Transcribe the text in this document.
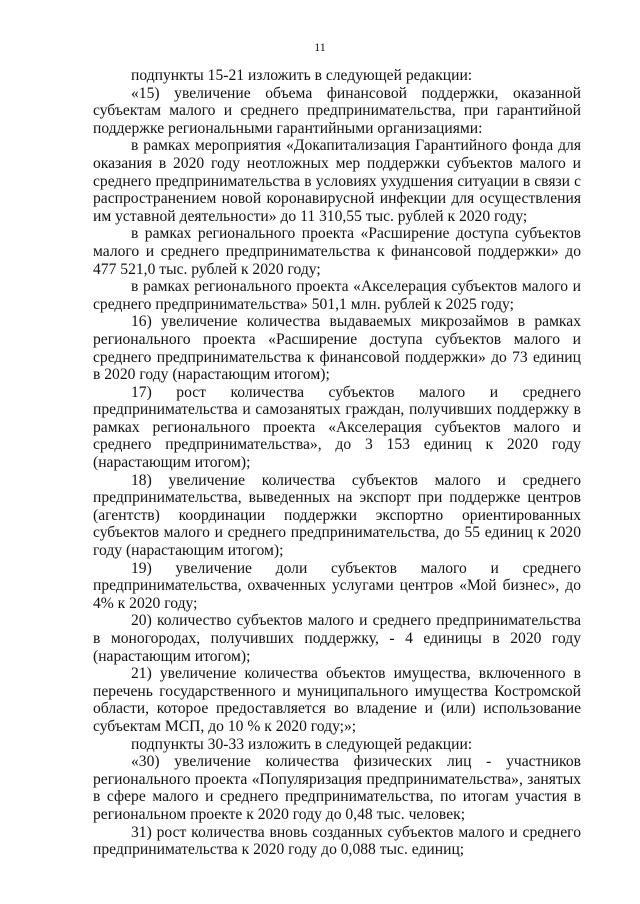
11

подпункты 15-21 изложить в следующей редакции:

«15) увеличение объема финансовой поддержки, оказанной субъектам малого и среднего предпринимательства, при гарантийной поддержке региональными гарантийными организациями:

в рамках мероприятия «Докапитализация Гарантийного фонда для оказания в 2020 году неотложных мер поддержки субъектов малого и среднего предпринимательства в условиях ухудшения ситуации в связи с распространением новой коронавирусной инфекции для осуществления им уставной деятельности» до 11 310,55 тыс. рублей к 2020 году;

в рамках регионального проекта «Расширение доступа субъектов малого и среднего предпринимательства к финансовой поддержки» до 477 521,0 тыс. рублей к 2020 году;

в рамках регионального проекта «Акселерация субъектов малого и среднего предпринимательства» 501,1 млн. рублей к 2025 году;

16) увеличение количества выдаваемых микрозаймов в рамках регионального проекта «Расширение доступа субъектов малого и среднего предпринимательства к финансовой поддержки» до 73 единиц в 2020 году (нарастающим итогом);

17) рост количества субъектов малого и среднего предпринимательства и самозанятых граждан, получивших поддержку в рамках регионального проекта «Акселерация субъектов малого и среднего предпринимательства», до 3 153 единиц к 2020 году (нарастающим итогом);

18) увеличение количества субъектов малого и среднего предпринимательства, выведенных на экспорт при поддержке центров (агентств) координации поддержки экспортно ориентированных субъектов малого и среднего предпринимательства, до 55 единиц к 2020 году (нарастающим итогом);

19) увеличение доли субъектов малого и среднего предпринимательства, охваченных услугами центров «Мой бизнес», до 4% к 2020 году;

20) количество субъектов малого и среднего предпринимательства в моногородах, получивших поддержку, - 4 единицы в 2020 году (нарастающим итогом);

21) увеличение количества объектов имущества, включенного в перечень государственного и муниципального имущества Костромской области, которое предоставляется во владение и (или) использование субъектам МСП, до 10 % к 2020 году;»;

подпункты 30-33 изложить в следующей редакции:

«30) увеличение количества физических лиц - участников регионального проекта «Популяризация предпринимательства», занятых в сфере малого и среднего предпринимательства, по итогам участия в региональном проекте к 2020 году до 0,48 тыс. человек;

31) рост количества вновь созданных субъектов малого и среднего предпринимательства к 2020 году до 0,088 тыс. единиц;
